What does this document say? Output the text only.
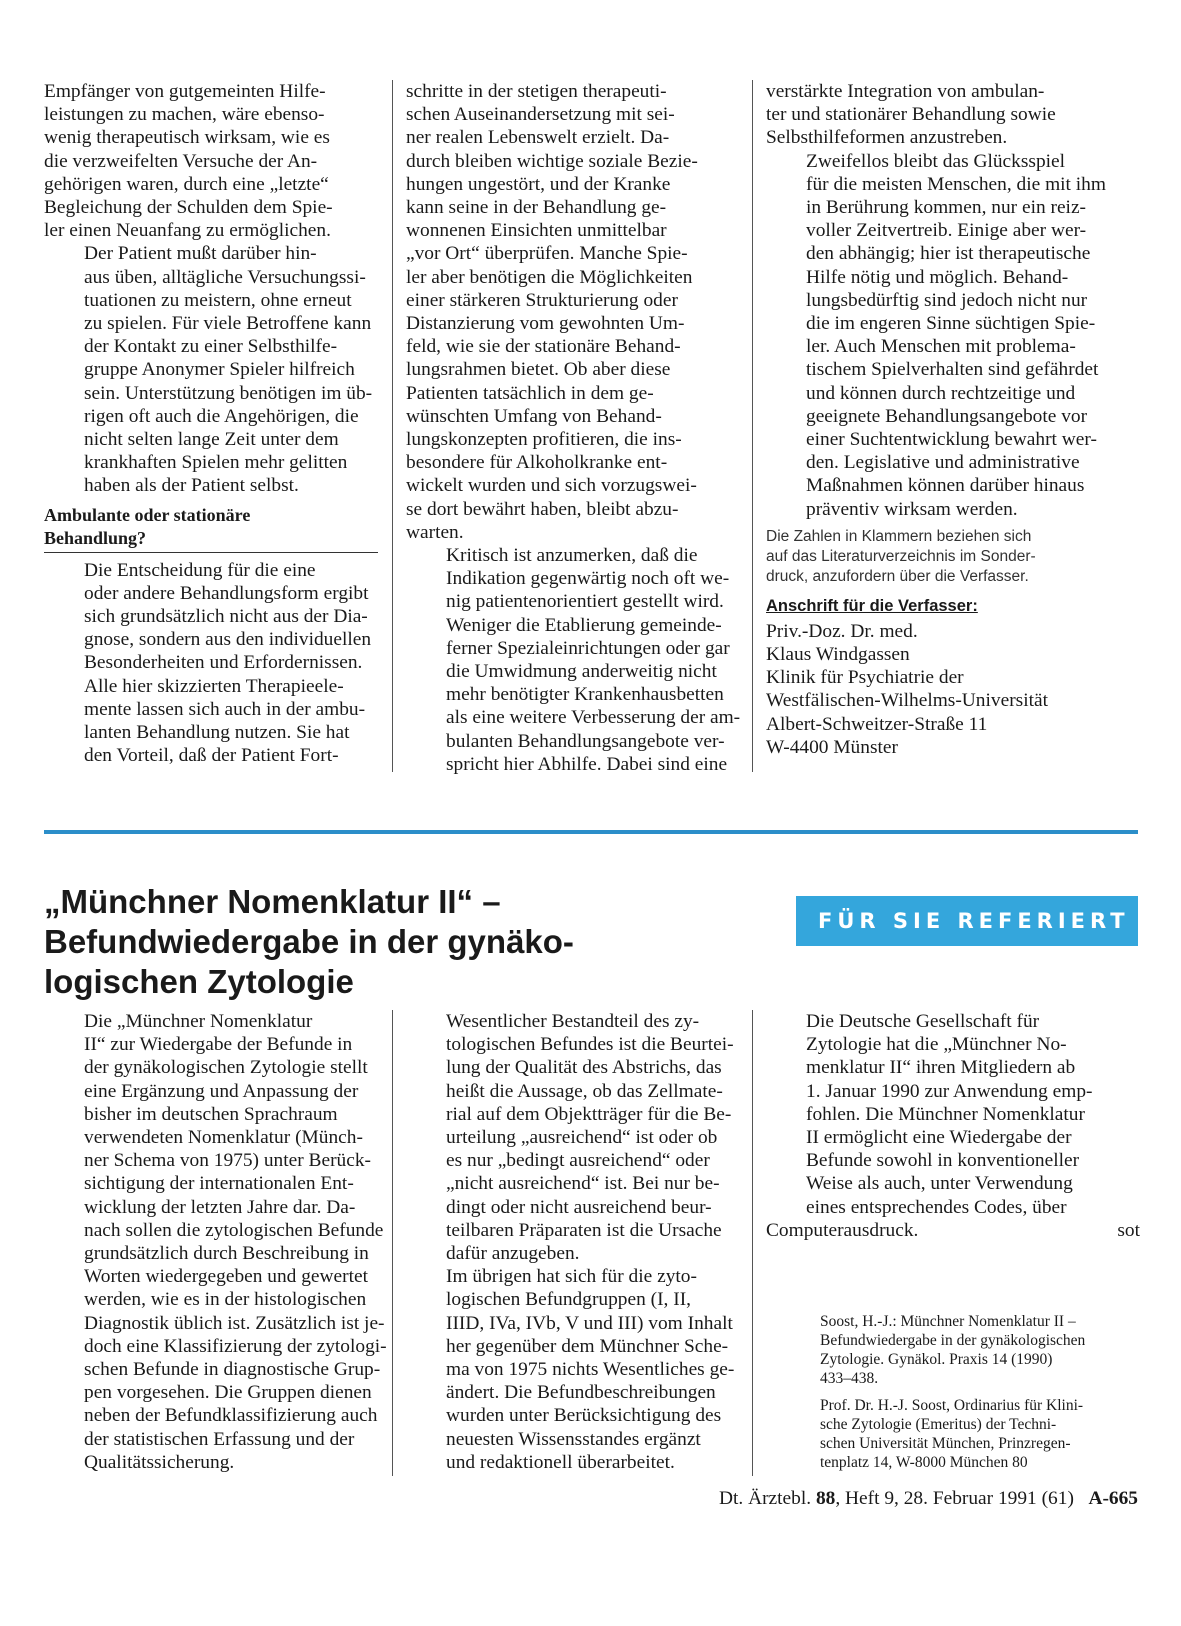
Empfänger von gutgemeinten Hilfe-
leistungen zu machen, wäre ebenso-
wenig therapeutisch wirksam, wie es
die verzweifelten Versuche der An-
gehörigen waren, durch eine „letzte“
Begleichung der Schulden dem Spie-
ler einen Neuanfang zu ermöglichen.

Der Patient mußt darüber hin-
aus üben, alltägliche Versuchungssi-
tuationen zu meistern, ohne erneut
zu spielen. Für viele Betroffene kann
der Kontakt zu einer Selbsthilfe-
gruppe Anonymer Spieler hilfreich
sein. Unterstützung benötigen im üb-
rigen oft auch die Angehörigen, die
nicht selten lange Zeit unter dem
krankhaften Spielen mehr gelitten
haben als der Patient selbst.

Ambulante oder stationäre
Behandlung?

Die Entscheidung für die eine
oder andere Behandlungsform ergibt
sich grundsätzlich nicht aus der Dia-
gnose, sondern aus den individuellen
Besonderheiten und Erfordernissen.
Alle hier skizzierten Therapieele-
mente lassen sich auch in der ambu-
lanten Behandlung nutzen. Sie hat
den Vorteil, daß der Patient Fort-

schritte in der stetigen therapeuti-
schen Auseinandersetzung mit sei-
ner realen Lebenswelt erzielt. Da-
durch bleiben wichtige soziale Bezie-
hungen ungestört, und der Kranke
kann seine in der Behandlung ge-
wonnenen Einsichten unmittelbar
„vor Ort“ überprüfen. Manche Spie-
ler aber benötigen die Möglichkeiten
einer stärkeren Strukturierung oder
Distanzierung vom gewohnten Um-
feld, wie sie der stationäre Behand-
lungsrahmen bietet. Ob aber diese
Patienten tatsächlich in dem ge-
wünschten Umfang von Behand-
lungskonzepten profitieren, die ins-
besondere für Alkoholkranke ent-
wickelt wurden und sich vorzugswei-
se dort bewährt haben, bleibt abzu-
warten.

Kritisch ist anzumerken, daß die
Indikation gegenwärtig noch oft we-
nig patientenorientiert gestellt wird.
Weniger die Etablierung gemeinde-
ferner Spezialeinrichtungen oder gar
die Umwidmung anderweitig nicht
mehr benötigter Krankenhausbetten
als eine weitere Verbesserung der am-
bulanten Behandlungsangebote ver-
spricht hier Abhilfe. Dabei sind eine

verstärkte Integration von ambulan-
ter und stationärer Behandlung sowie
Selbsthilfeformen anzustreben.

Zweifellos bleibt das Glücksspiel
für die meisten Menschen, die mit ihm
in Berührung kommen, nur ein reiz-
voller Zeitvertreib. Einige aber wer-
den abhängig; hier ist therapeutische
Hilfe nötig und möglich. Behand-
lungsbedürftig sind jedoch nicht nur
die im engeren Sinne süchtigen Spie-
ler. Auch Menschen mit problema-
tischem Spielverhalten sind gefährdet
und können durch rechtzeitige und
geeignete Behandlungsangebote vor
einer Suchtentwicklung bewahrt wer-
den. Legislative und administrative
Maßnahmen können darüber hinaus
präventiv wirksam werden.

Die Zahlen in Klammern beziehen sich
auf das Literaturverzeichnis im Sonder-
druck, anzufordern über die Verfasser.

Anschrift für die Verfasser:

Priv.-Doz. Dr. med.
Klaus Windgassen
Klinik für Psychiatrie der
Westfälischen-Wilhelms-Universität
Albert-Schweitzer-Straße 11
W-4400 Münster

„Münchner Nomenklatur II“ –
Befundwiedergabe in der gynäko-
logischen Zytologie
FÜR SIE REFERIERT

Die „Münchner Nomenklatur
II“ zur Wiedergabe der Befunde in
der gynäkologischen Zytologie stellt
eine Ergänzung und Anpassung der
bisher im deutschen Sprachraum
verwendeten Nomenklatur (Münch-
ner Schema von 1975) unter Berück-
sichtigung der internationalen Ent-
wicklung der letzten Jahre dar. Da-
nach sollen die zytologischen Befunde
grundsätzlich durch Beschreibung in
Worten wiedergegeben und gewertet
werden, wie es in der histologischen
Diagnostik üblich ist. Zusätzlich ist je-
doch eine Klassifizierung der zytologi-
schen Befunde in diagnostische Grup-
pen vorgesehen. Die Gruppen dienen
neben der Befundklassifizierung auch
der statistischen Erfassung und der
Qualitätssicherung.

Wesentlicher Bestandteil des zy-
tologischen Befundes ist die Beurtei-
lung der Qualität des Abstrichs, das
heißt die Aussage, ob das Zellmate-
rial auf dem Objektträger für die Be-
urteilung „ausreichend“ ist oder ob
es nur „bedingt ausreichend“ oder
„nicht ausreichend“ ist. Bei nur be-
dingt oder nicht ausreichend beur-
teilbaren Präparaten ist die Ursache
dafür anzugeben.

Im übrigen hat sich für die zyto-
logischen Befundgruppen (I, II,
IIID, IVa, IVb, V und III) vom Inhalt
her gegenüber dem Münchner Sche-
ma von 1975 nichts Wesentliches ge-
ändert. Die Befundbeschreibungen
wurden unter Berücksichtigung des
neuesten Wissensstandes ergänzt
und redaktionell überarbeitet.

Die Deutsche Gesellschaft für
Zytologie hat die „Münchner No-
menklatur II“ ihren Mitgliedern ab
1. Januar 1990 zur Anwendung emp-
fohlen. Die Münchner Nomenklatur
II ermöglicht eine Wiedergabe der
Befunde sowohl in konventioneller
Weise als auch, unter Verwendung
eines entsprechendes Codes, über

Computerausdruck.	sot

Soost, H.-J.: Münchner Nomenklatur II –
Befundwiedergabe in der gynäkologischen
Zytologie. Gynäkol. Praxis 14 (1990)
433–438.

Prof. Dr. H.-J. Soost, Ordinarius für Klini-
sche Zytologie (Emeritus) der Techni-
schen Universität München, Prinzregen-
tenplatz 14, W-8000 München 80

Dt. Ärztebl. 88, Heft 9, 28. Februar 1991 (61) A-665
